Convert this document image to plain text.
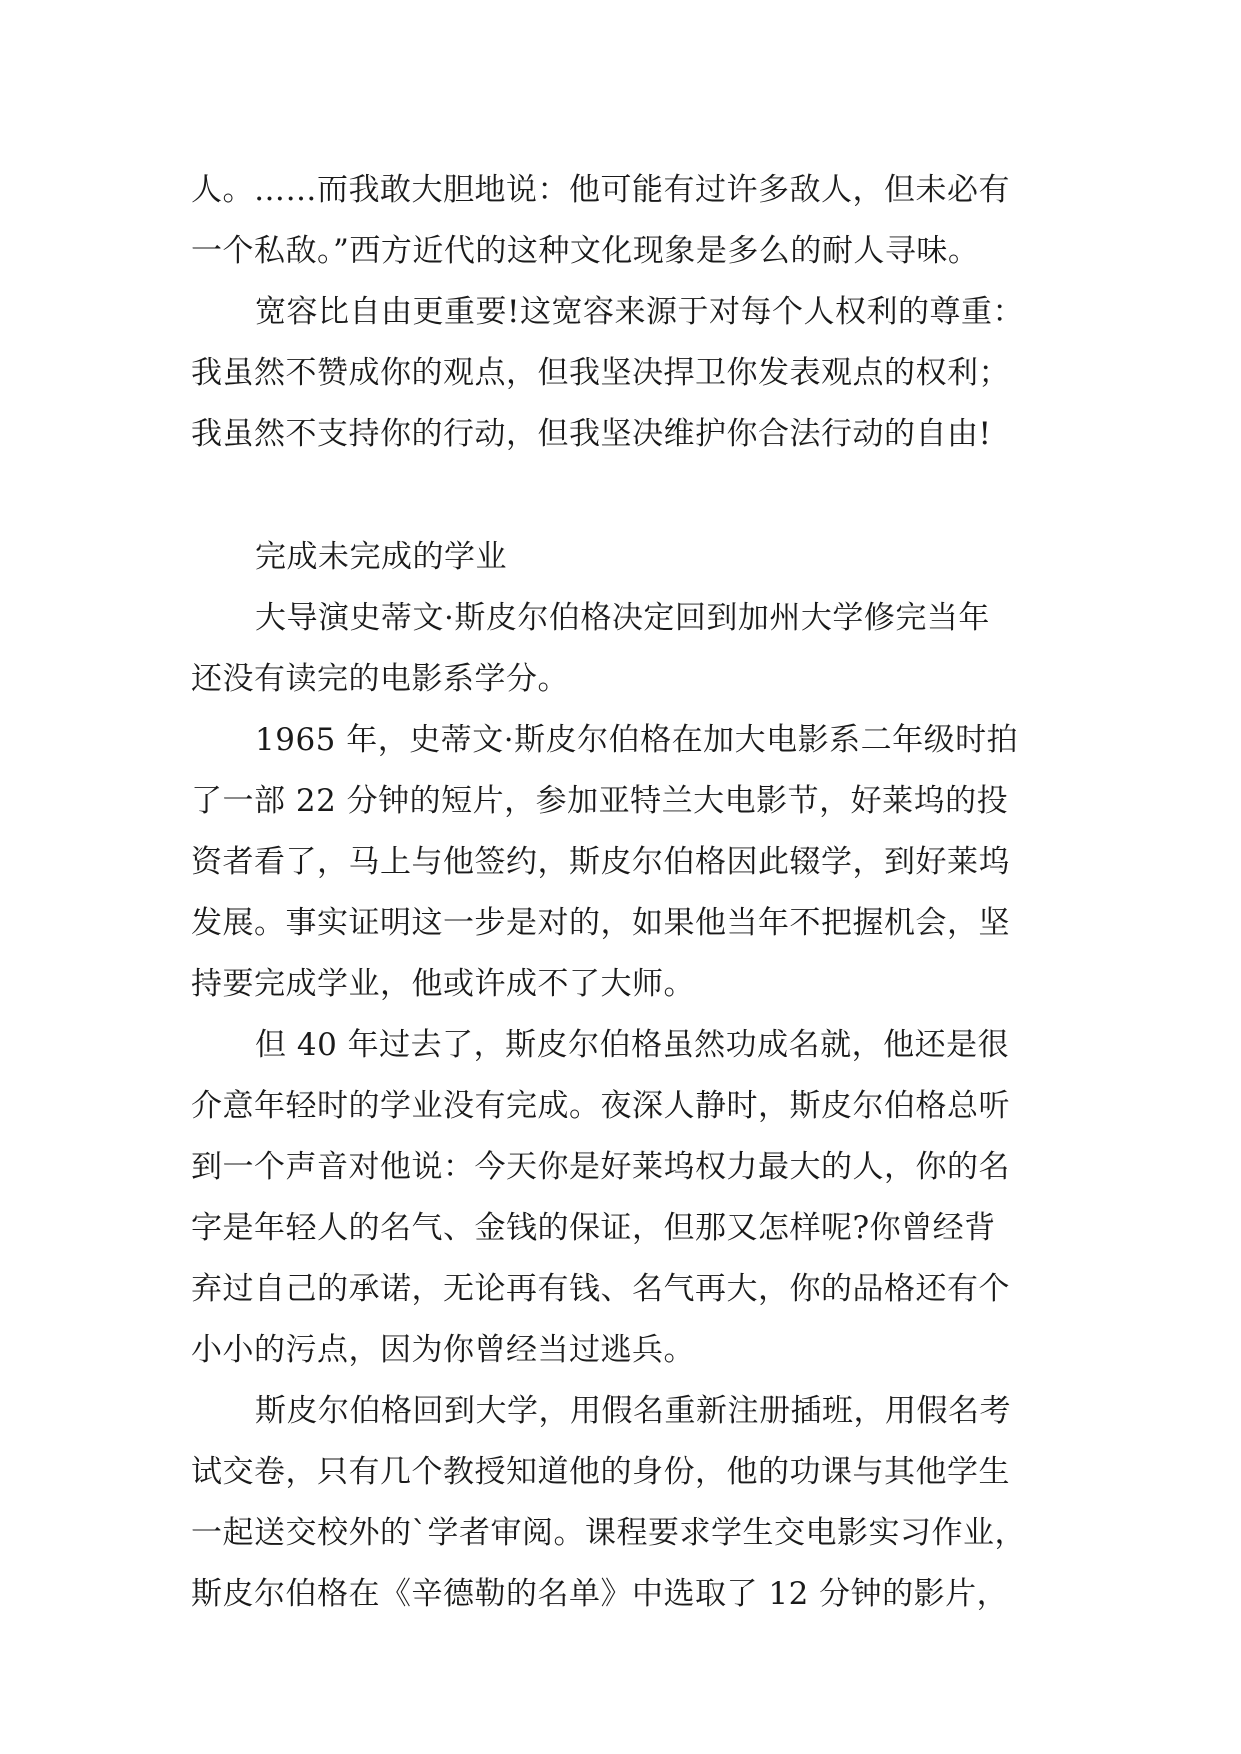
人。……而我敢大胆地说：他可能有过许多敌人，但未必有
一个私敌。”西方近代的这种文化现象是多么的耐人寻味。
宽容比自由更重要!这宽容来源于对每个人权利的尊重：
我虽然不赞成你的观点，但我坚决捍卫你发表观点的权利；
我虽然不支持你的行动，但我坚决维护你合法行动的自由!
完成未完成的学业
大导演史蒂文·斯皮尔伯格决定回到加州大学修完当年
还没有读完的电影系学分。
1965 年，史蒂文·斯皮尔伯格在加大电影系二年级时拍
了一部 22 分钟的短片，参加亚特兰大电影节，好莱坞的投
资者看了，马上与他签约，斯皮尔伯格因此辍学，到好莱坞
发展。事实证明这一步是对的，如果他当年不把握机会，坚
持要完成学业，他或许成不了大师。
但 40 年过去了，斯皮尔伯格虽然功成名就，他还是很
介意年轻时的学业没有完成。夜深人静时，斯皮尔伯格总听
到一个声音对他说：今天你是好莱坞权力最大的人，你的名
字是年轻人的名气、金钱的保证，但那又怎样呢?你曾经背
弃过自己的承诺，无论再有钱、名气再大，你的品格还有个
小小的污点，因为你曾经当过逃兵。
斯皮尔伯格回到大学，用假名重新注册插班，用假名考
试交卷，只有几个教授知道他的身份，他的功课与其他学生
一起送交校外的`学者审阅。课程要求学生交电影实习作业，
斯皮尔伯格在《辛德勒的名单》中选取了 12 分钟的影片，
